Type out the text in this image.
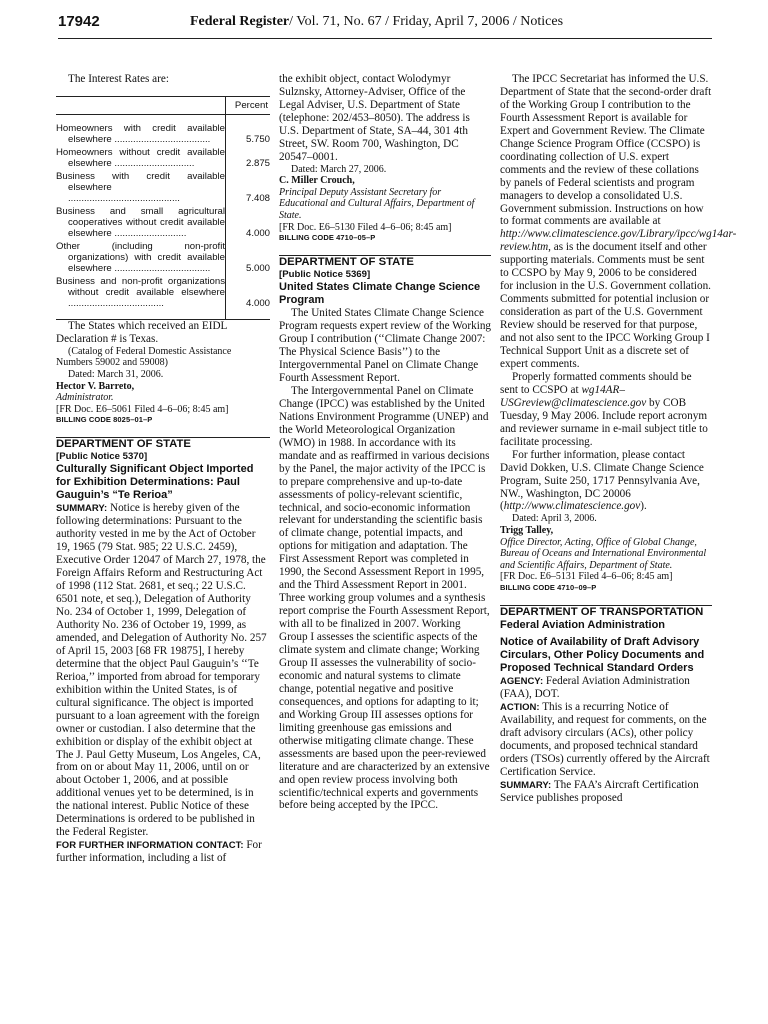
17942	Federal Register/ Vol. 71, No. 67 / Friday, April 7, 2006 / Notices

The Interest Rates are:

	Percent

Homeowners with credit available elsewhere ....................................	5.750

Homeowners without credit available elsewhere ..............................	2.875

Business with credit available elsewhere ..........................................	7.408

Business and small agricultural cooperatives without credit available elsewhere ...........................	4.000

Other (including non-profit organizations) with credit available elsewhere ....................................	5.000

Business and non-profit organizations without credit available elsewhere ....................................	4.000

The States which received an EIDL Declaration # is Texas.

(Catalog of Federal Domestic Assistance Numbers 59002 and 59008)

Dated: March 31, 2006.

Hector V. Barreto,

Administrator.

[FR Doc. E6–5061 Filed 4–6–06; 8:45 am]

BILLING CODE 8025–01–P

DEPARTMENT OF STATE

[Public Notice 5370]

Culturally Significant Object Imported for Exhibition Determinations: Paul Gauguin’s “Te Rerioa”

SUMMARY: Notice is hereby given of the following determinations: Pursuant to the authority vested in me by the Act of October 19, 1965 (79 Stat. 985; 22 U.S.C. 2459), Executive Order 12047 of March 27, 1978, the Foreign Affairs Reform and Restructuring Act of 1998 (112 Stat. 2681, et seq.; 22 U.S.C. 6501 note, et seq.), Delegation of Authority No. 234 of October 1, 1999, Delegation of Authority No. 236 of October 19, 1999, as amended, and Delegation of Authority No. 257 of April 15, 2003 [68 FR 19875], I hereby determine that the object Paul Gauguin’s ‘‘Te Rerioa,’’ imported from abroad for temporary exhibition within the United States, is of cultural significance. The object is imported pursuant to a loan agreement with the foreign owner or custodian. I also determine that the exhibition or display of the exhibit object at The J. Paul Getty Museum, Los Angeles, CA, from on or about May 11, 2006, until on or about October 1, 2006, and at possible additional venues yet to be determined, is in the national interest. Public Notice of these Determinations is ordered to be published in the Federal Register.

FOR FURTHER INFORMATION CONTACT: For further information, including a list of

the exhibit object, contact Wolodymyr Sulznsky, Attorney-Adviser, Office of the Legal Adviser, U.S. Department of State (telephone: 202/453–8050). The address is U.S. Department of State, SA–44, 301 4th Street, SW. Room 700, Washington, DC 20547–0001.

Dated: March 27, 2006.

C. Miller Crouch,

Principal Deputy Assistant Secretary for Educational and Cultural Affairs, Department of State.

[FR Doc. E6–5130 Filed 4–6–06; 8:45 am]

BILLING CODE 4710–05–P

DEPARTMENT OF STATE

[Public Notice 5369]

United States Climate Change Science Program

The United States Climate Change Science Program requests expert review of the Working Group I contribution (‘‘Climate Change 2007: The Physical Science Basis’’) to the Intergovernmental Panel on Climate Change Fourth Assessment Report.

The Intergovernmental Panel on Climate Change (IPCC) was established by the United Nations Environment Programme (UNEP) and the World Meteorological Organization (WMO) in 1988. In accordance with its mandate and as reaffirmed in various decisions by the Panel, the major activity of the IPCC is to prepare comprehensive and up-to-date assessments of policy-relevant scientific, technical, and socio-economic information relevant for understanding the scientific basis of climate change, potential impacts, and options for mitigation and adaptation. The First Assessment Report was completed in 1990, the Second Assessment Report in 1995, and the Third Assessment Report in 2001. Three working group volumes and a synthesis report comprise the Fourth Assessment Report, with all to be finalized in 2007. Working Group I assesses the scientific aspects of the climate system and climate change; Working Group II assesses the vulnerability of socio-economic and natural systems to climate change, potential negative and positive consequences, and options for adapting to it; and Working Group III assesses options for limiting greenhouse gas emissions and otherwise mitigating climate change. These assessments are based upon the peer-reviewed literature and are characterized by an extensive and open review process involving both scientific/technical experts and governments before being accepted by the IPCC.

The IPCC Secretariat has informed the U.S. Department of State that the second-order draft of the Working Group I contribution to the Fourth Assessment Report is available for Expert and Government Review. The Climate Change Science Program Office (CCSPO) is coordinating collection of U.S. expert comments and the review of these collations by panels of Federal scientists and program managers to develop a consolidated U.S. Government submission. Instructions on how to format comments are available at http://www.climatescience.gov/Library/ipcc/wg14ar-review.htm, as is the document itself and other supporting materials. Comments must be sent to CCSPO by May 9, 2006 to be considered for inclusion in the U.S. Government collation. Comments submitted for potential inclusion or consideration as part of the U.S. Government Review should be reserved for that purpose, and not also sent to the IPCC Working Group I Technical Support Unit as a discrete set of expert comments.

Properly formatted comments should be sent to CCSPO at wg14AR–USGreview@climatescience.gov by COB Tuesday, 9 May 2006. Include report acronym and reviewer surname in e-mail subject title to facilitate processing.

For further information, please contact David Dokken, U.S. Climate Change Science Program, Suite 250, 1717 Pennsylvania Ave, NW., Washington, DC 20006 (http://www.climatescience.gov).

Dated: April 3, 2006.

Trigg Talley,

Office Director, Acting, Office of Global Change, Bureau of Oceans and International Environmental and Scientific Affairs, Department of State.

[FR Doc. E6–5131 Filed 4–6–06; 8:45 am]

BILLING CODE 4710–09–P

DEPARTMENT OF TRANSPORTATION

Federal Aviation Administration

Notice of Availability of Draft Advisory Circulars, Other Policy Documents and Proposed Technical Standard Orders

AGENCY: Federal Aviation Administration (FAA), DOT.

ACTION: This is a recurring Notice of Availability, and request for comments, on the draft advisory circulars (ACs), other policy documents, and proposed technical standard orders (TSOs) currently offered by the Aircraft Certification Service.

SUMMARY: The FAA’s Aircraft Certification Service publishes proposed
